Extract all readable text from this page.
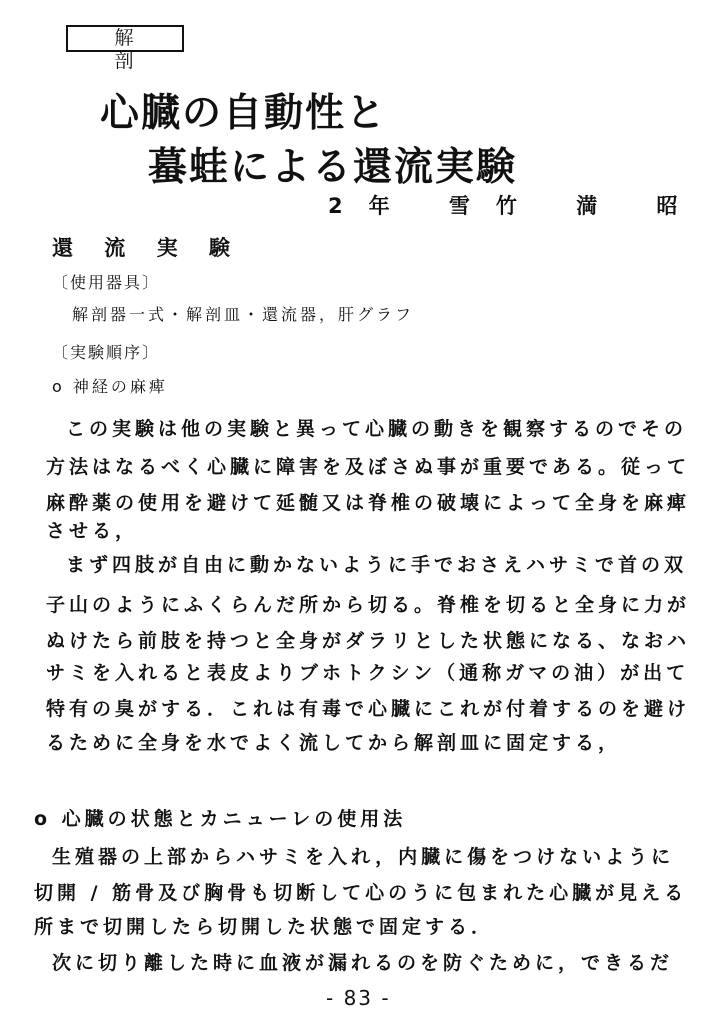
解 剖
心臓の自動性と
蟇蛙による還流実験
2年 雪竹 満 昭
還 流 実 験
〔使用器具〕
解剖器一式・解剖皿・還流器，肝グラフ
〔実験順序〕
o 神経の麻痺
この実験は他の実験と異って心臓の動きを観察するのでその
方法はなるべく心臓に障害を及ぼさぬ事が重要である。従って
麻酔薬の使用を避けて延髄又は脊椎の破壊によって全身を麻痺
させる，
まず四肢が自由に動かないように手でおさえハサミで首の双
子山のようにふくらんだ所から切る。脊椎を切ると全身に力が
ぬけたら前肢を持つと全身がダラリとした状態になる、なおハ
サミを入れると表皮よりブホトクシン（通称ガマの油）が出て
特有の臭がする．これは有毒で心臓にこれが付着するのを避け
るために全身を水でよく流してから解剖皿に固定する，
o 心臓の状態とカニューレの使用法
生殖器の上部からハサミを入れ，内臓に傷をつけないように
切開 / 筋骨及び胸骨も切断して心のうに包まれた心臓が見える
所まで切開したら切開した状態で固定する．
次に切り離した時に血液が漏れるのを防ぐために，できるだ
- 83 -
